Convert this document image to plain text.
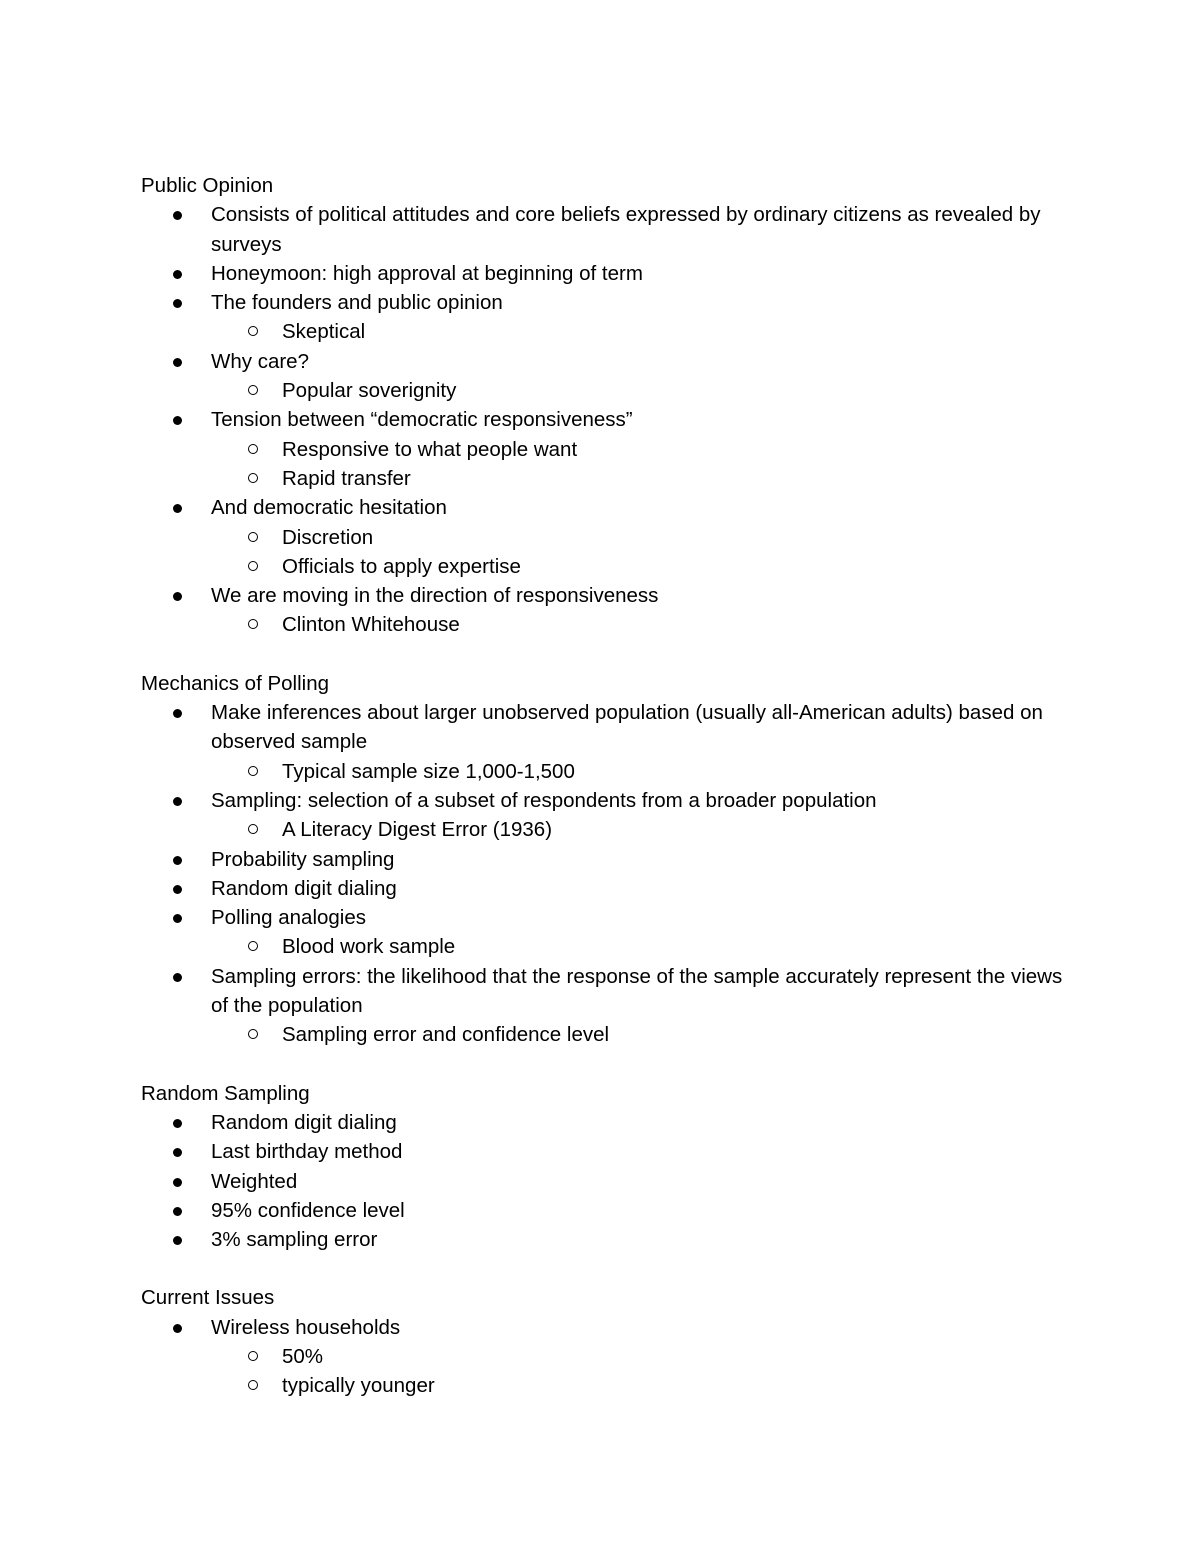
Public Opinion
Consists of political attitudes and core beliefs expressed by ordinary citizens as revealed by surveys
Honeymoon: high approval at beginning of term
The founders and public opinion
Skeptical
Why care?
Popular soverignity
Tension between “democratic responsiveness”
Responsive to what people want
Rapid transfer
And democratic hesitation
Discretion
Officials to apply expertise
We are moving in the direction of responsiveness
Clinton Whitehouse
Mechanics of Polling
Make inferences about larger unobserved population (usually all-American adults) based on observed sample
Typical sample size 1,000-1,500
Sampling: selection of a subset of respondents from a broader population
A Literacy Digest Error (1936)
Probability sampling
Random digit dialing
Polling analogies
Blood work sample
Sampling errors: the likelihood that the response of the sample accurately represent the views of the population
Sampling error and confidence level
Random Sampling
Random digit dialing
Last birthday method
Weighted
95% confidence level
3% sampling error
Current Issues
Wireless households
50%
typically younger
